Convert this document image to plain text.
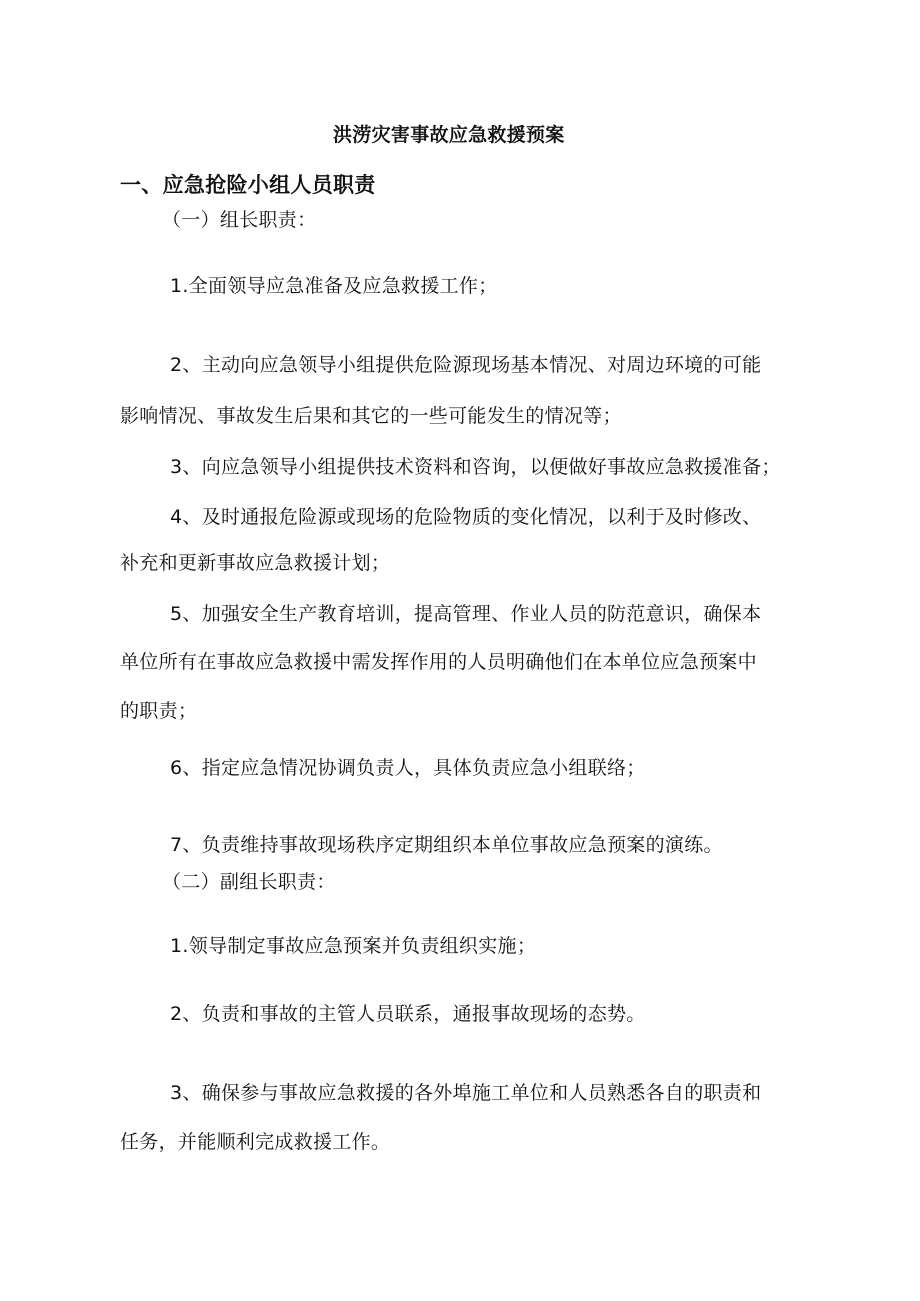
洪涝灾害事故应急救援预案
一、应急抢险小组人员职责
（一）组长职责：
1.全面领导应急准备及应急救援工作；
2、主动向应急领导小组提供危险源现场基本情况、对周边环境的可能
影响情况、事故发生后果和其它的一些可能发生的情况等；
3、向应急领导小组提供技术资料和咨询，以便做好事故应急救援准备；
4、及时通报危险源或现场的危险物质的变化情况，以利于及时修改、
补充和更新事故应急救援计划；
5、加强安全生产教育培训，提高管理、作业人员的防范意识，确保本
单位所有在事故应急救援中需发挥作用的人员明确他们在本单位应急预案中
的职责；
6、指定应急情况协调负责人，具体负责应急小组联络；
7、负责维持事故现场秩序定期组织本单位事故应急预案的演练。
（二）副组长职责：
1.领导制定事故应急预案并负责组织实施；
2、负责和事故的主管人员联系，通报事故现场的态势。
3、确保参与事故应急救援的各外埠施工单位和人员熟悉各自的职责和
任务，并能顺利完成救援工作。
